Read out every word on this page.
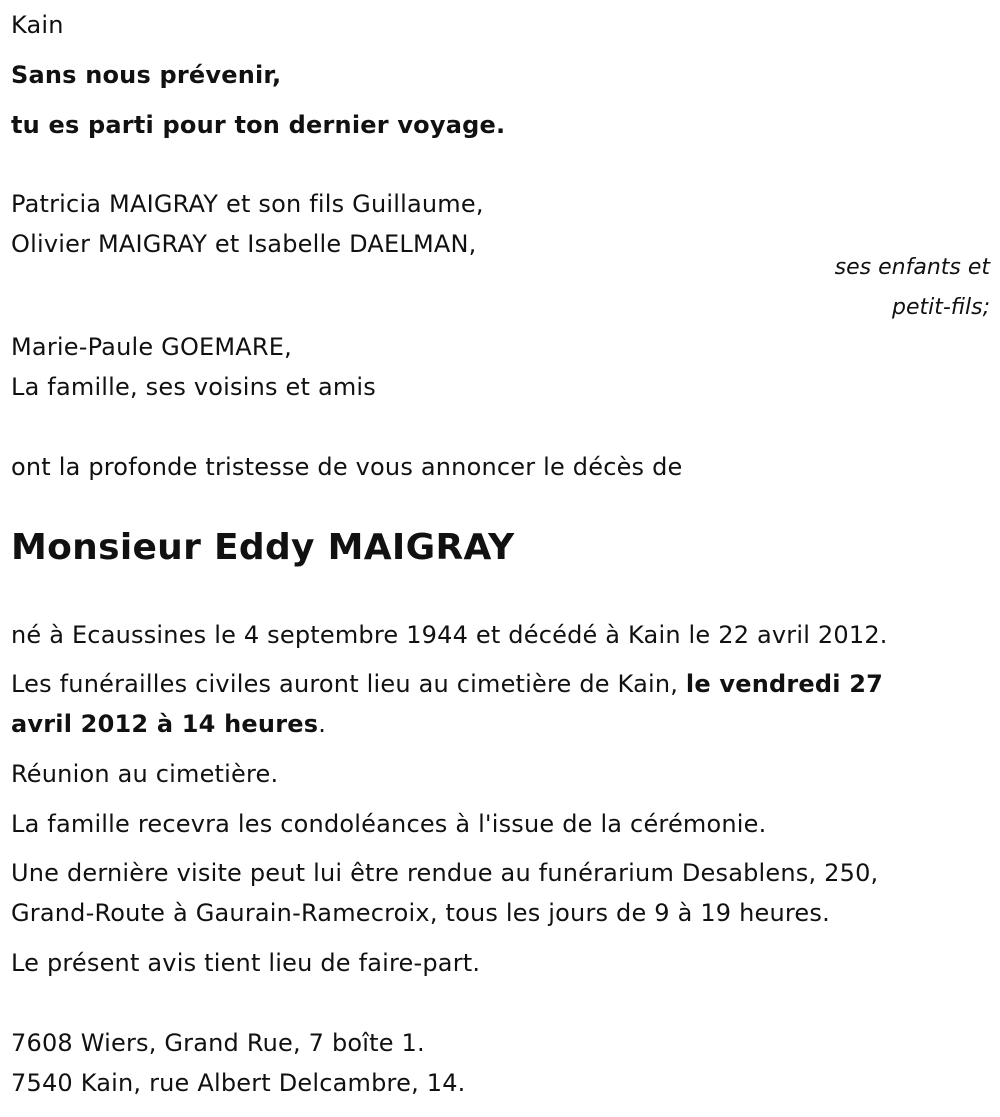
Kain
Sans nous prévenir,
tu es parti pour ton dernier voyage.
Patricia MAIGRAY et son fils Guillaume,
Olivier MAIGRAY et Isabelle DAELMAN,
ses enfants et
petit-fils;
Marie-Paule GOEMARE,
La famille, ses voisins et amis
ont la profonde tristesse de vous annoncer le décès de
Monsieur Eddy MAIGRAY
né à Ecaussines le 4 septembre 1944 et décédé à Kain le 22 avril 2012.
Les funérailles civiles auront lieu au cimetière de Kain, le vendredi 27
avril 2012 à 14 heures.
Réunion au cimetière.
La famille recevra les condoléances à l'issue de la cérémonie.
Une dernière visite peut lui être rendue au funérarium Desablens, 250,
Grand-Route à Gaurain-Ramecroix, tous les jours de 9 à 19 heures.
Le présent avis tient lieu de faire-part.
7608 Wiers, Grand Rue, 7 boîte 1.
7540 Kain, rue Albert Delcambre, 14.
